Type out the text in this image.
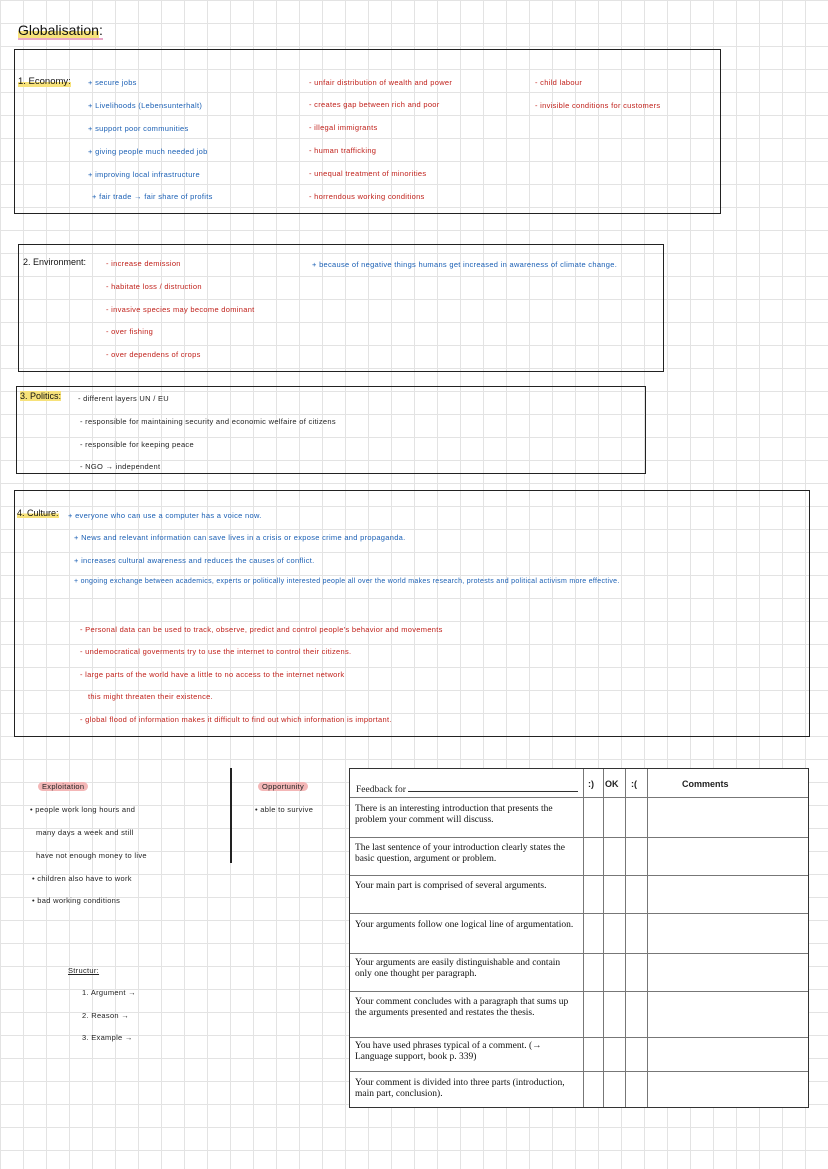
Globalisation:
1. Economy: + secure jobs
+ Livelihoods (Lebensunterhalt)
+ support poor communities
+ giving people much needed job
+ improving local infrastructure
+ fair trade → fair share of profits
- unfair distribution of wealth and power
- creates gap between rich and poor
- illegal immigrants
- human trafficking
- unequal treatment of minorities
- horrendous working conditions
- child labour
- invisible conditions for customers
2. Environment:	- increase demission
- habitate loss / distruction
- invasive species may become dominant
- over fishing
- over dependens of crops
+ because of negative things humans get increased in awareness of climate change.
3. Politics: - different layers UN / EU
- responsible for maintaining security and economic welfaire of citizens
- responsible for keeping peace
- NGO → independent
4. Culture: + everyone who can use a computer has a voice now.
+ News and relevant information can save lives in a crisis or expose crime and propaganda.
+ increases cultural awareness and reduces the causes of conflict.
+ ongoing exchange between academics, experts or politically interested people all over the world makes research, protests and political activism more effective.
- Personal data can be used to track, observe, predict and control people's behavior and movements
- undemocratical goverments try to use the internet to control their citizens.
- large parts of the world have a little to no access to the internet network
this might threaten their existence.
- global flood of information makes it difficult to find out which information is important.
Exploitation
• people work long hours and
many days a week and still
have not enough money to live
• children also have to work
• bad working conditions
Opportunity
• able to survive
Structur:
1. Argument →
2. Reason →
3. Example →
Feedback for
:) OK :(	Comments
There is an interesting introduction that presents the problem your comment will discuss.
The last sentence of your introduction clearly states the basic question, argument or problem.
Your main part is comprised of several arguments.
Your arguments follow one logical line of argumentation.
Your arguments are easily distinguishable and contain only one thought per paragraph.
Your comment concludes with a paragraph that sums up the arguments presented and restates the thesis.
You have used phrases typical of a comment. (→ Language support, book p. 339)
Your comment is divided into three parts (introduction, main part, conclusion).
